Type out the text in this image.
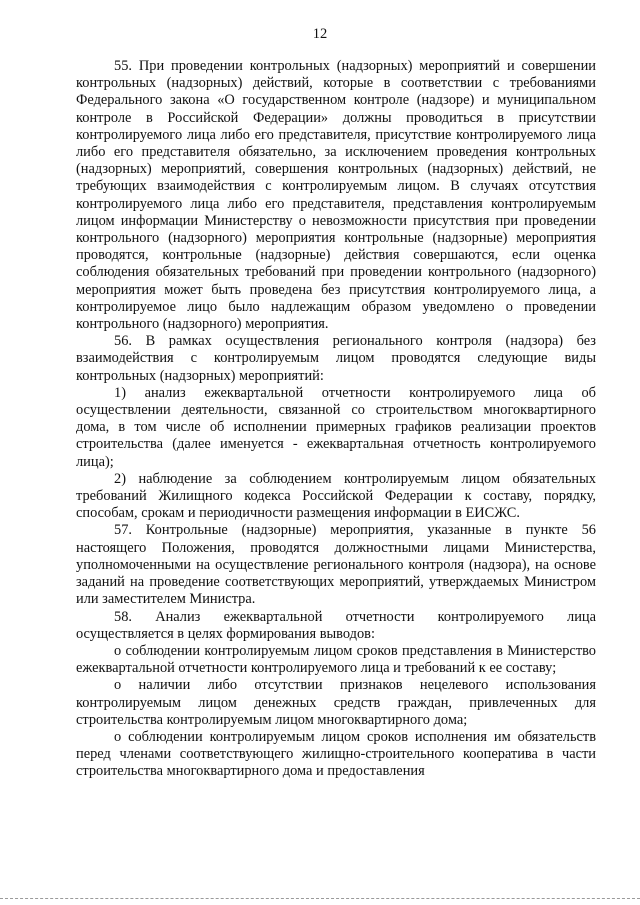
12

55. При проведении контрольных (надзорных) мероприятий и совершении контрольных (надзорных) действий, которые в соответствии с требованиями Федерального закона «О государственном контроле (надзоре) и муниципальном контроле в Российской Федерации» должны проводиться в присутствии контролируемого лица либо его представителя, присутствие контролируемого лица либо его представителя обязательно, за исключением проведения контрольных (надзорных) мероприятий, совершения контрольных (надзорных) действий, не требующих взаимодействия с контролируемым лицом. В случаях отсутствия контролируемого лица либо его представителя, представления контролируемым лицом информации Министерству о невозможности присутствия при проведении контрольного (надзорного) мероприятия контрольные (надзорные) мероприятия проводятся, контрольные (надзорные) действия совершаются, если оценка соблюдения обязательных требований при проведении контрольного (надзорного) мероприятия может быть проведена без присутствия контролируемого лица, а контролируемое лицо было надлежащим образом уведомлено о проведении контрольного (надзорного) мероприятия.

56. В рамках осуществления регионального контроля (надзора) без взаимодействия с контролируемым лицом проводятся следующие виды контрольных (надзорных) мероприятий:

1) анализ ежеквартальной отчетности контролируемого лица об осуществлении деятельности, связанной со строительством многоквартирного дома, в том числе об исполнении примерных графиков реализации проектов строительства (далее именуется - ежеквартальная отчетность контролируемого лица);

2) наблюдение за соблюдением контролируемым лицом обязательных требований Жилищного кодекса Российской Федерации к составу, порядку, способам, срокам и периодичности размещения информации в ЕИСЖС.

57. Контрольные (надзорные) мероприятия, указанные в пункте 56 настоящего Положения, проводятся должностными лицами Министерства, уполномоченными на осуществление регионального контроля (надзора), на основе заданий на проведение соответствующих мероприятий, утверждаемых Министром или заместителем Министра.

58. Анализ ежеквартальной отчетности контролируемого лица осуществляется в целях формирования выводов:

о соблюдении контролируемым лицом сроков представления в Министерство ежеквартальной отчетности контролируемого лица и требований к ее составу;

о наличии либо отсутствии признаков нецелевого использования контролируемым лицом денежных средств граждан, привлеченных для строительства контролируемым лицом многоквартирного дома;

о соблюдении контролируемым лицом сроков исполнения им обязательств перед членами соответствующего жилищно-строительного кооператива в части строительства многоквартирного дома и предоставления
